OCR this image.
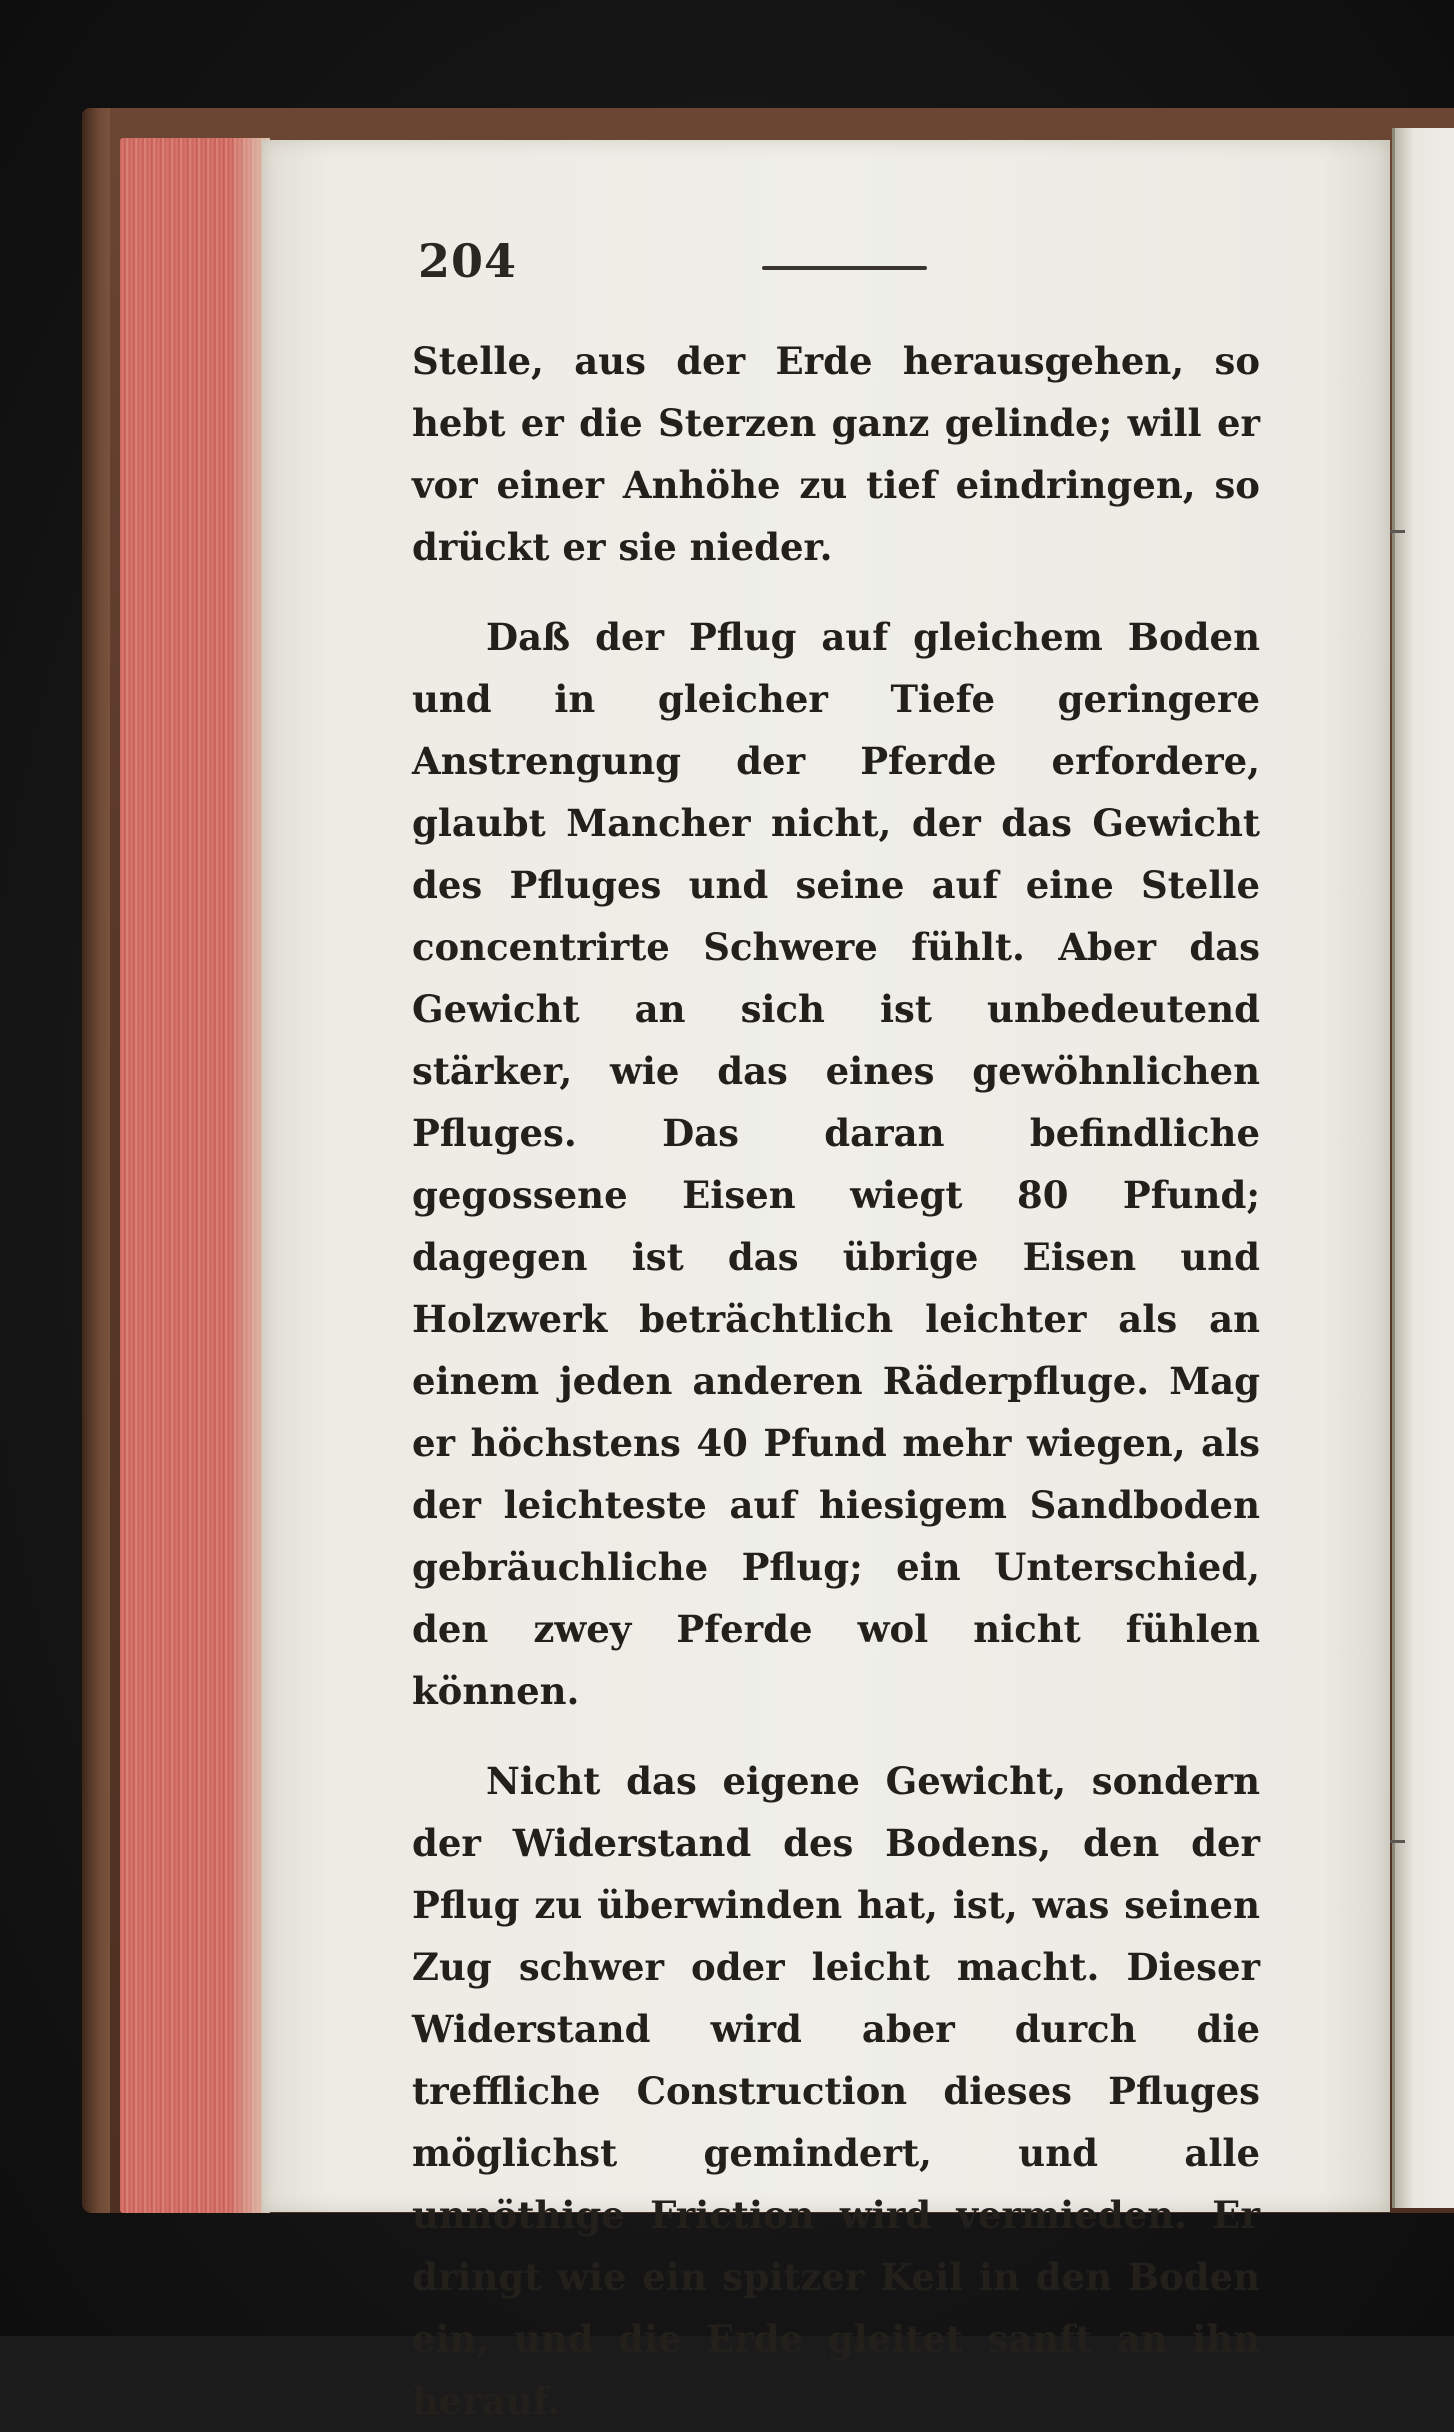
204

Stelle, aus der Erde herausgehen, so hebt er die Sterzen ganz gelinde; will er vor einer Anhöhe zu tief eindringen, so drückt er sie nieder.

Daß der Pflug auf gleichem Boden und in gleicher Tiefe geringere Anstrengung der Pferde erfordere, glaubt Mancher nicht, der das Gewicht des Pfluges und seine auf eine Stelle concentrirte Schwere fühlt. Aber das Gewicht an sich ist unbedeutend stärker, wie das eines gewöhnlichen Pfluges. Das daran befindliche gegossene Eisen wiegt 80 Pfund; dagegen ist das übrige Eisen und Holzwerk beträchtlich leichter als an einem jeden anderen Räderpfluge. Mag er höchstens 40 Pfund mehr wiegen, als der leichteste auf hiesigem Sandboden gebräuchliche Pflug; ein Unterschied, den zwey Pferde wol nicht fühlen können.

Nicht das eigene Gewicht, sondern der Widerstand des Bodens, den der Pflug zu überwinden hat, ist, was seinen Zug schwer oder leicht macht. Dieser Widerstand wird aber durch die treffliche Construction dieses Pfluges möglichst gemindert, und alle unnöthige Friction wird vermieden. Er dringt wie ein spitzer Keil in den Boden ein, und die Erde gleitet sanft an ihn herauf.
